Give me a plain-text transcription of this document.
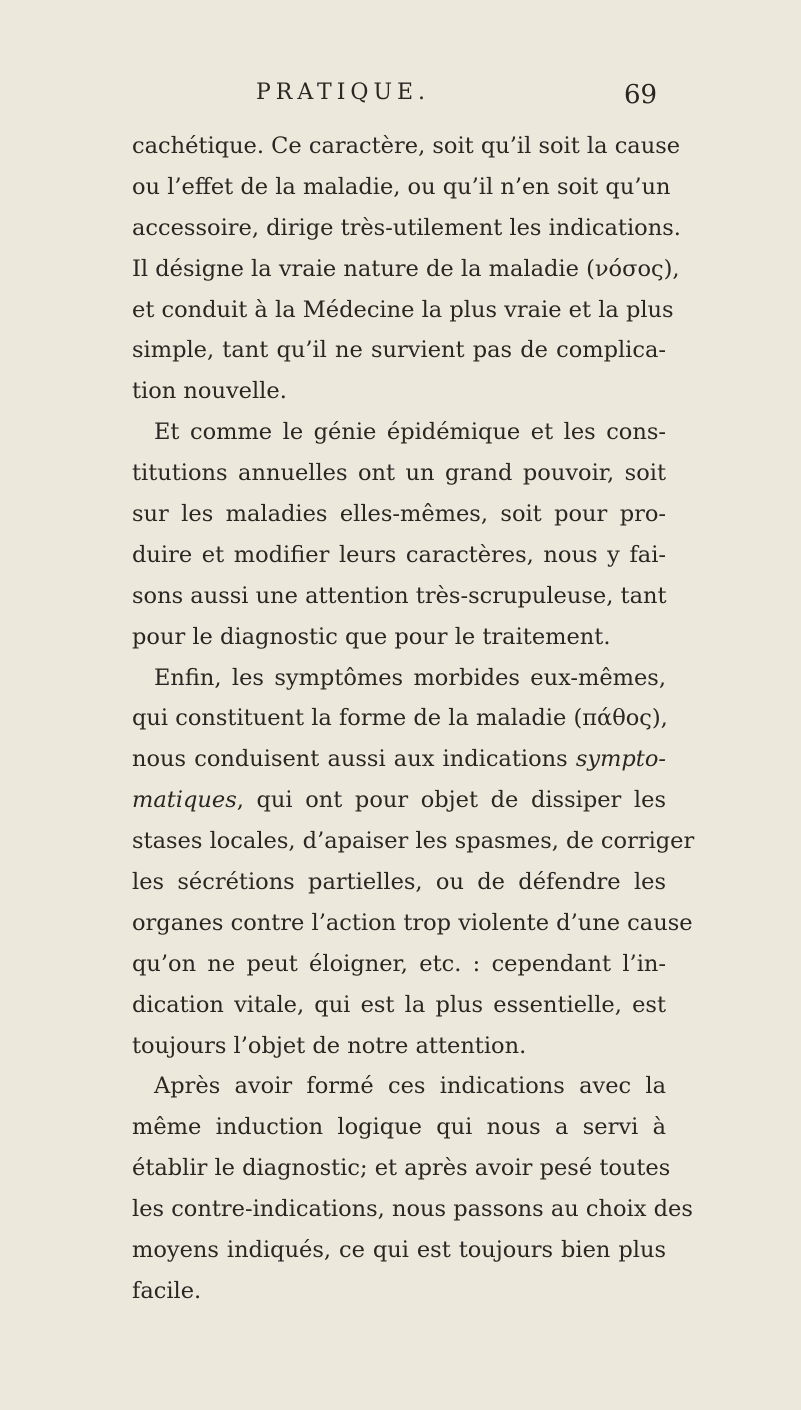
PRATIQUE.	69
cachétique. Ce caractère, soit qu’il soit la cause
ou l’effet de la maladie, ou qu’il n’en soit qu’un
accessoire, dirige très-utilement les indications.
Il désigne la vraie nature de la maladie (νόσος),
et conduit à la Médecine la plus vraie et la plus
simple, tant qu’il ne survient pas de complica-
tion nouvelle.
Et comme le génie épidémique et les cons-
titutions annuelles ont un grand pouvoir, soit
sur les maladies elles-mêmes, soit pour pro-
duire et modifier leurs caractères, nous y fai-
sons aussi une attention très-scrupuleuse, tant
pour le diagnostic que pour le traitement.
Enfin, les symptômes morbides eux-mêmes,
qui constituent la forme de la maladie (πάθος),
nous conduisent aussi aux indications sympto-
matiques, qui ont pour objet de dissiper les
stases locales, d’apaiser les spasmes, de corriger
les sécrétions partielles, ou de défendre les
organes contre l’action trop violente d’une cause
qu’on ne peut éloigner, etc. : cependant l’in-
dication vitale, qui est la plus essentielle, est
toujours l’objet de notre attention.
Après avoir formé ces indications avec la
même induction logique qui nous a servi à
établir le diagnostic; et après avoir pesé toutes
les contre-indications, nous passons au choix des
moyens indiqués, ce qui est toujours bien plus
facile.
